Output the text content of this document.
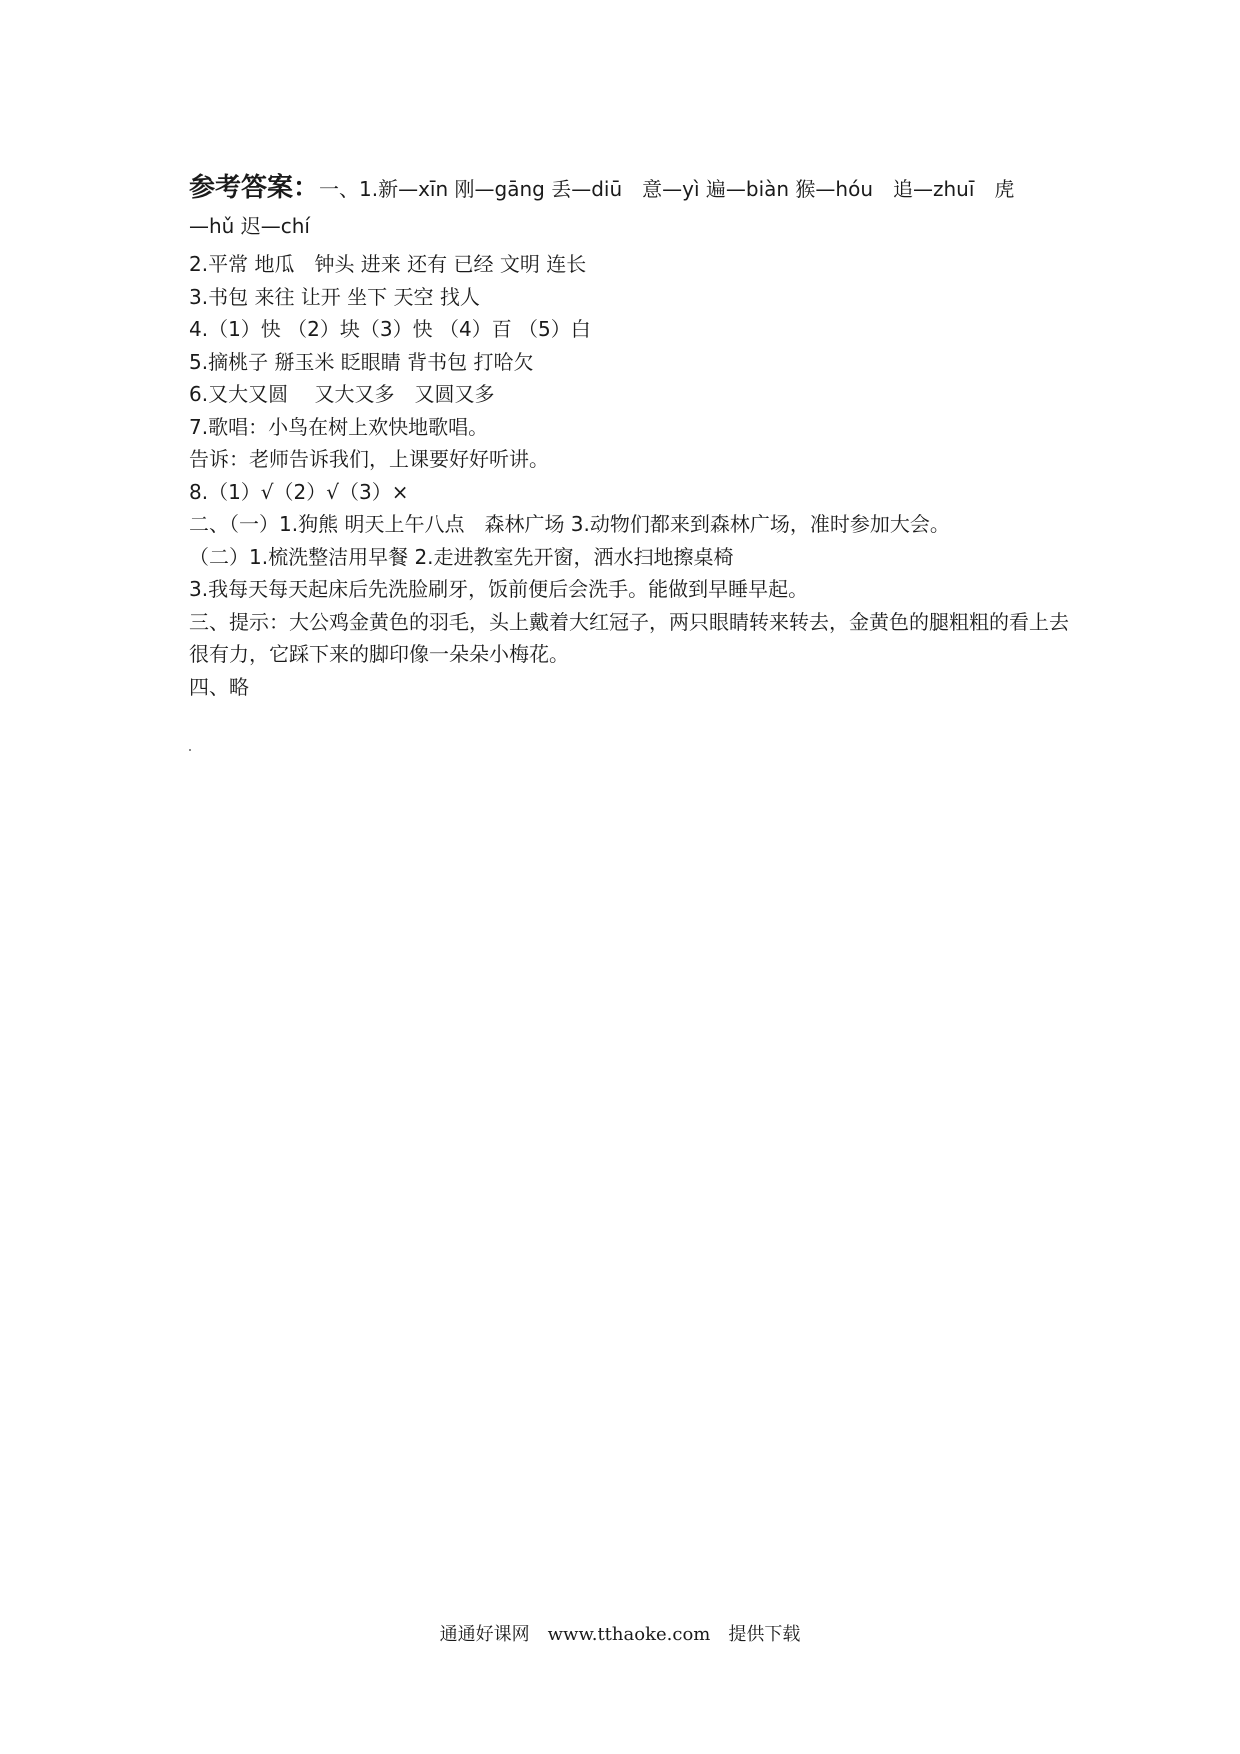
参考答案：一、1.新—xīn 刚—gāng 丢—diū　意—yì 遍—biàn 猴—hóu　追—zhuī　虎
—hǔ 迟—chí
2.平常 地瓜　钟头 进来 还有 已经 文明 连长
3.书包 来往 让开 坐下 天空 找人
4.（1）快 （2）块（3）快 （4）百 （5）白
5.摘桃子 掰玉米 眨眼睛 背书包 打哈欠
6.又大又圆　 又大又多　又圆又多
7.歌唱：小鸟在树上欢快地歌唱。
告诉：老师告诉我们，上课要好好听讲。
8.（1）√（2）√（3）×
二、（一）1.狗熊 明天上午八点　森林广场 3.动物们都来到森林广场，准时参加大会。
（二）1.梳洗整洁用早餐 2.走进教室先开窗，洒水扫地擦桌椅
3.我每天每天起床后先洗脸刷牙，饭前便后会洗手。能做到早睡早起。
三、提示：大公鸡金黄色的羽毛，头上戴着大红冠子，两只眼睛转来转去，金黄色的腿粗粗的看上去很有力，它踩下来的脚印像一朵朵小梅花。
四、略
通通好课网　www.tthaoke.com　提供下载
